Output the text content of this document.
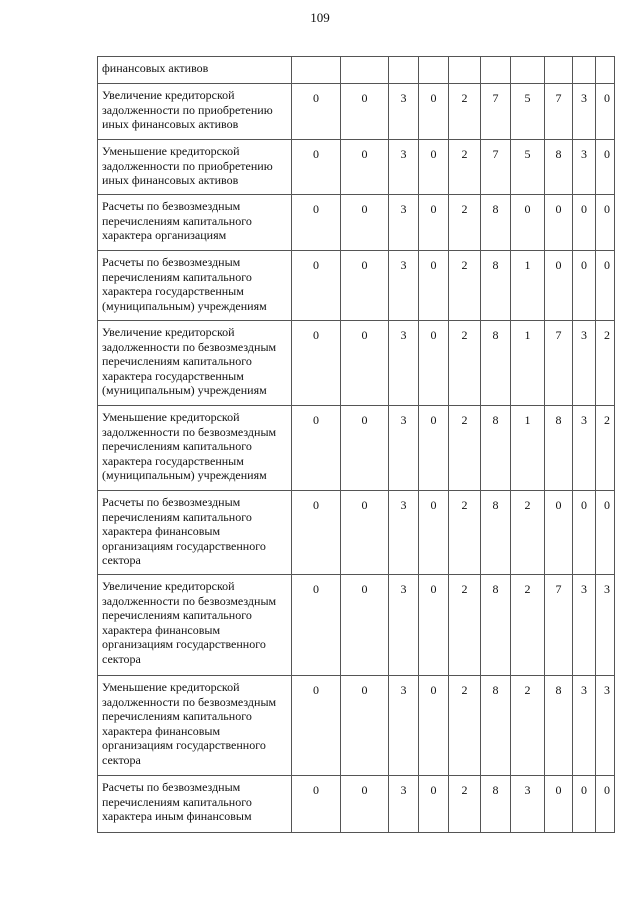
109
финансовых активов										
Увеличение кредиторской задолженности по приобретению иных финансовых активов	0	0	3	0	2	7	5	7	3	0
Уменьшение кредиторской задолженности по приобретению иных финансовых активов	0	0	3	0	2	7	5	8	3	0
Расчеты по безвозмездным перечислениям капитального характера организациям	0	0	3	0	2	8	0	0	0	0
Расчеты по безвозмездным перечислениям капитального характера государственным (муниципальным) учреждениям	0	0	3	0	2	8	1	0	0	0
Увеличение кредиторской задолженности по безвозмездным перечислениям капитального характера государственным (муниципальным) учреждениям	0	0	3	0	2	8	1	7	3	2
Уменьшение кредиторской задолженности по безвозмездным перечислениям капитального характера государственным (муниципальным) учреждениям	0	0	3	0	2	8	1	8	3	2
Расчеты по безвозмездным перечислениям капитального характера финансовым организациям государственного сектора	0	0	3	0	2	8	2	0	0	0
Увеличение кредиторской задолженности по безвозмездным перечислениям капитального характера финансовым организациям государственного сектора	0	0	3	0	2	8	2	7	3	3
Уменьшение кредиторской задолженности по безвозмездным перечислениям капитального характера финансовым организациям государственного сектора	0	0	3	0	2	8	2	8	3	3
Расчеты по безвозмездным перечислениям капитального характера иным финансовым	0	0	3	0	2	8	3	0	0	0
